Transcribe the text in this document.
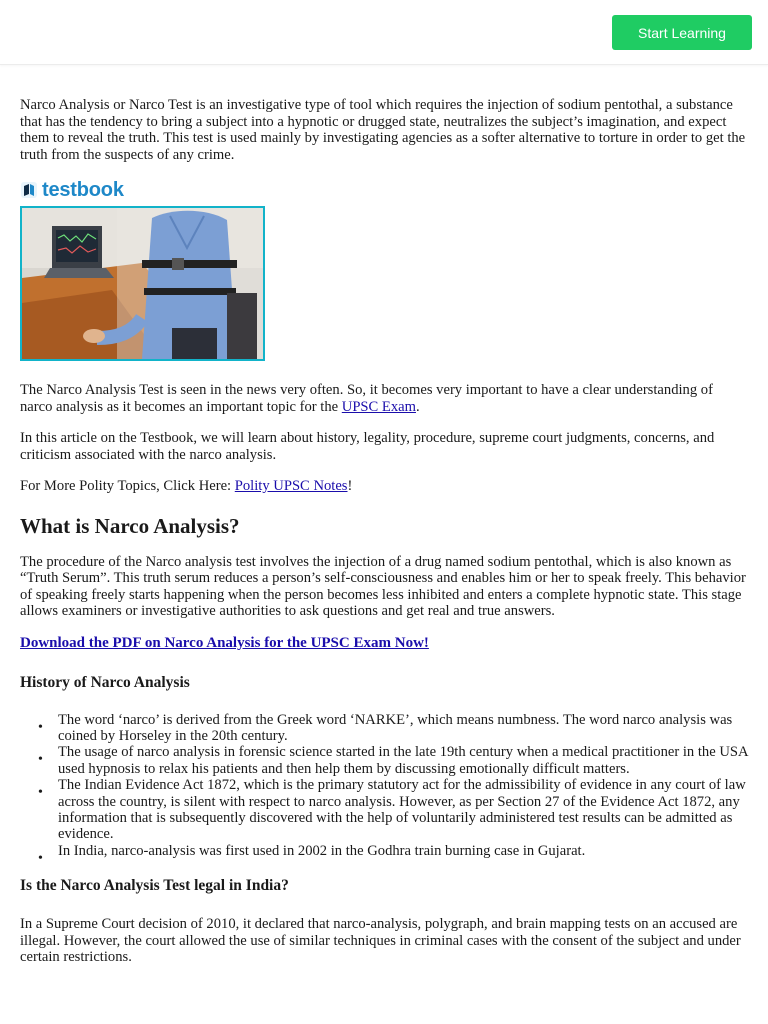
Start Learning

Narco Analysis or Narco Test is an investigative type of tool which requires the injection of sodium pentothal, a substance that has the tendency to bring a subject into a hypnotic or drugged state, neutralizes the subject’s imagination, and expect them to reveal the truth. This test is used mainly by investigating agencies as a softer alternative to torture in order to get the truth from the suspects of any crime.

testbook

The Narco Analysis Test is seen in the news very often. So, it becomes very important to have a clear understanding of narco analysis as it becomes an important topic for the UPSC Exam.

In this article on the Testbook, we will learn about history, legality, procedure, supreme court judgments, concerns, and criticism associated with the narco analysis.

For More Polity Topics, Click Here: Polity UPSC Notes!

What is Narco Analysis?

The procedure of the Narco analysis test involves the injection of a drug named sodium pentothal, which is also known as “Truth Serum”. This truth serum reduces a person’s self-consciousness and enables him or her to speak freely. This behavior of speaking freely starts happening when the person becomes less inhibited and enters a complete hypnotic state. This stage allows examiners or investigative authorities to ask questions and get real and true answers.

Download the PDF on Narco Analysis for the UPSC Exam Now!
History of Narco Analysis
• The word ‘narco’ is derived from the Greek word ‘NARKE’, which means numbness. The word narco analysis was coined by Horseley in the 20th century.
• The usage of narco analysis in forensic science started in the late 19th century when a medical practitioner in the USA used hypnosis to relax his patients and then help them by discussing emotionally difficult matters.
• The Indian Evidence Act 1872, which is the primary statutory act for the admissibility of evidence in any court of law across the country, is silent with respect to narco analysis. However, as per Section 27 of the Evidence Act 1872, any information that is subsequently discovered with the help of voluntarily administered test results can be admitted as evidence.
• In India, narco-analysis was first used in 2002 in the Godhra train burning case in Gujarat.
Is the Narco Analysis Test legal in India?

In a Supreme Court decision of 2010, it declared that narco-analysis, polygraph, and brain mapping tests on an accused are illegal. However, the court allowed the use of similar techniques in criminal cases with the consent of the subject and under certain restrictions.
